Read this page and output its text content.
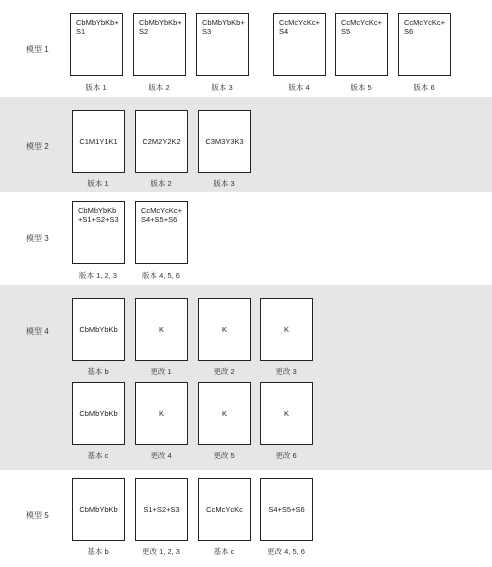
模型 1
模型 2
模型 3
模型 4
模型 5
CbMbYbKb+
S1
版本 1
CbMbYbKb+
S2
版本 2
CbMbYbKb+
S3
版本 3
CcMcYcKc+
S4
版本 4
CcMcYcKc+
S5
版本 5
CcMcYcKc+
S6
版本 6
C1M1Y1K1
版本 1
C2M2Y2K2
版本 2
C3M3Y3K3
版本 3
CbMbYbKb
+S1+S2+S3
版本 1, 2, 3
CcMcYcKc+
S4+S5+S6
版本 4, 5, 6
CbMbYbKb
基本 b
K
更改 1
K
更改 2
K
更改 3
CbMbYbKb
基本 c
K
更改 4
K
更改 5
K
更改 6
CbMbYbKb
基本 b
S1+S2+S3
更改 1, 2, 3
CcMcYcKc
基本 c
S4+S5+S6
更改 4, 5, 6
